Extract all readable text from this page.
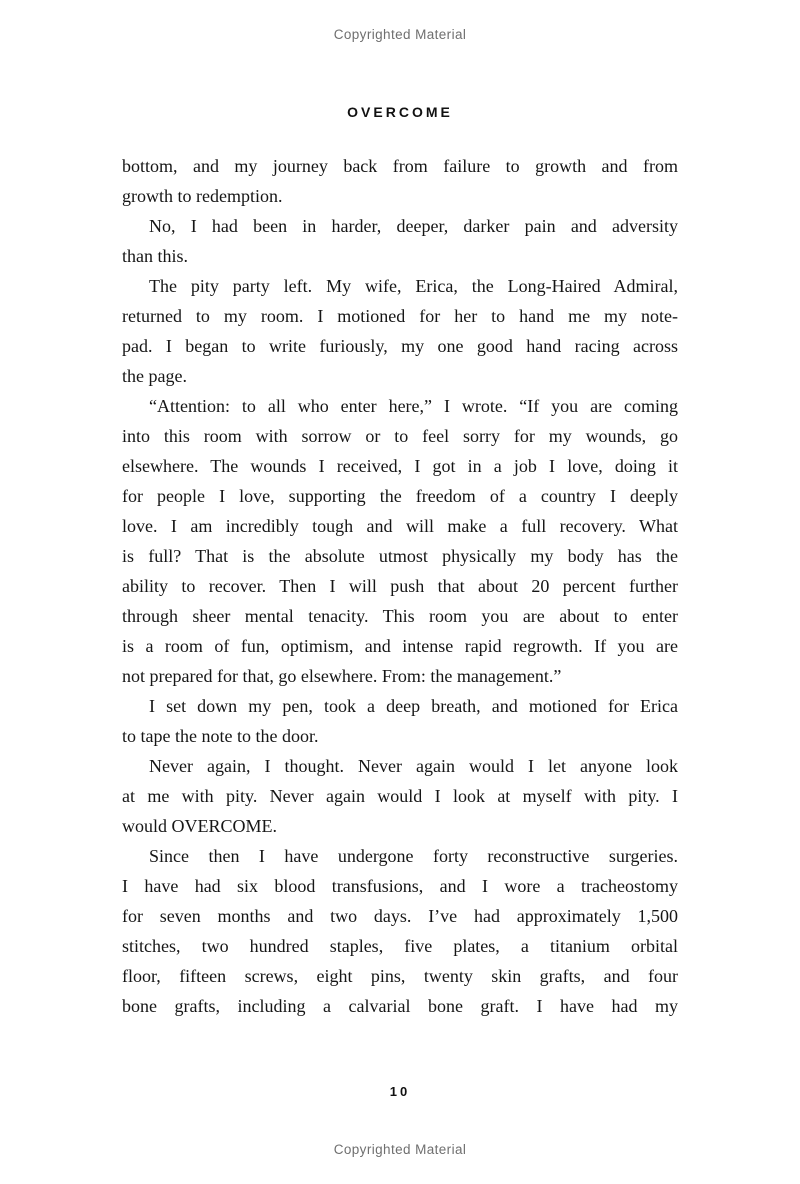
Copyrighted Material
OVERCOME
bottom, and my journey back from failure to growth and from
growth to redemption.
No, I had been in harder, deeper, darker pain and adversity
than this.
The pity party left. My wife, Erica, the Long-Haired Admiral,
returned to my room. I motioned for her to hand me my note-
pad. I began to write furiously, my one good hand racing across
the page.
“Attention: to all who enter here,” I wrote. “If you are coming
into this room with sorrow or to feel sorry for my wounds, go
elsewhere. The wounds I received, I got in a job I love, doing it
for people I love, supporting the freedom of a country I deeply
love. I am incredibly tough and will make a full recovery. What
is full? That is the absolute utmost physically my body has the
ability to recover. Then I will push that about 20 percent further
through sheer mental tenacity. This room you are about to enter
is a room of fun, optimism, and intense rapid regrowth. If you are
not prepared for that, go elsewhere. From: the management.”
I set down my pen, took a deep breath, and motioned for Erica
to tape the note to the door.
Never again, I thought. Never again would I let anyone look
at me with pity. Never again would I look at myself with pity. I
would OVERCOME.
Since then I have undergone forty reconstructive surgeries.
I have had six blood transfusions, and I wore a tracheostomy
for seven months and two days. I’ve had approximately 1,500
stitches, two hundred staples, five plates, a titanium orbital
floor, fifteen screws, eight pins, twenty skin grafts, and four
bone grafts, including a calvarial bone graft. I have had my
10
Copyrighted Material
